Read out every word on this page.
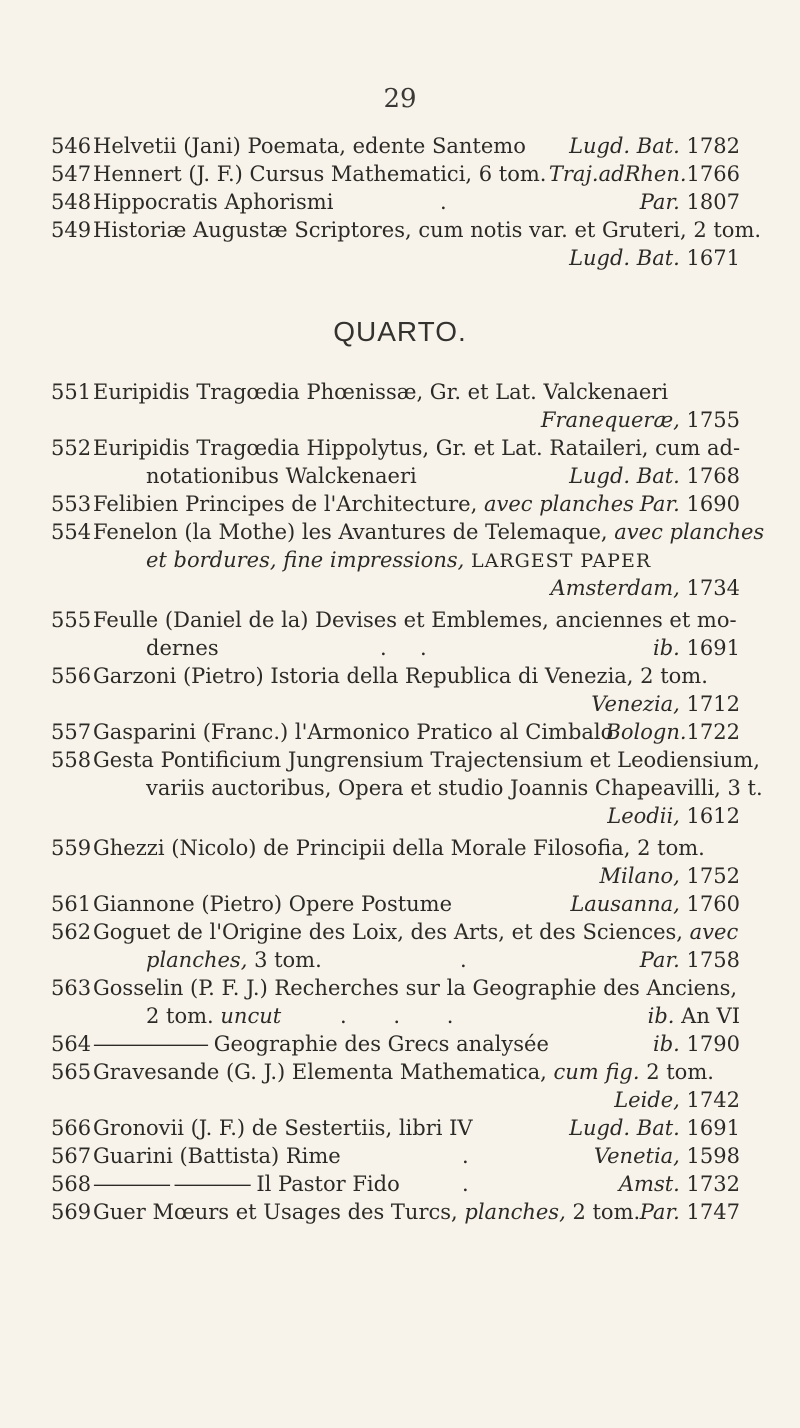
29
546 Helvetii (Jani) Poemata, edente Santemo Lugd. Bat. 1782
547 Hennert (J. F.) Cursus Mathematici, 6 tom. Traj.adRhen.1766
548 Hippocratis Aphorismi	.	Par. 1807
549 Historiæ Augustæ Scriptores, cum notis var. et Gruteri, 2 tom.
Lugd. Bat. 1671
QUARTO.
551 Euripidis Tragœdia Phœnissæ, Gr. et Lat. Valckenaeri
Franequeræ, 1755
552 Euripidis Tragœdia Hippolytus, Gr. et Lat. Rataileri, cum ad-
notationibus Walckenaeri	Lugd. Bat. 1768
553 Felibien Principes de l'Architecture, avec planches Par. 1690
554 Fenelon (la Mothe) les Avantures de Telemaque, avec planches
et bordures, fine impressions, LARGEST PAPER
Amsterdam, 1734
555 Feulle (Daniel de la) Devises et Emblemes, anciennes et mo-
dernes	.     .	ib. 1691
556 Garzoni (Pietro) Istoria della Republica di Venezia, 2 tom.
Venezia, 1712
557 Gasparini (Franc.) l'Armonico Pratico al Cimbalo
Bologn.1722
558 Gesta Pontificium Jungrensium Trajectensium et Leodiensium,
variis auctoribus, Opera et studio Joannis Chapeavilli, 3 t.
Leodii, 1612
559 Ghezzi (Nicolo) de Principii della Morale Filosofia, 2 tom.
Milano, 1752
561 Giannone (Pietro) Opere Postume	Lausanna, 1760
562 Goguet de l'Origine des Loix, des Arts, et des Sciences, avec
planches, 3 tom.	.	Par. 1758
563 Gosselin (P. F. J.) Recherches sur la Geographie des Anciens,
2 tom. uncut	.       .       .	ib. An VI
564 —————— Geographie des Grecs analysée	ib. 1790
565 Gravesande (G. J.) Elementa Mathematica, cum fig. 2 tom.
Leide, 1742
566 Gronovii (J. F.) de Sestertiis, libri IV	Lugd. Bat. 1691
567 Guarini (Battista) Rime	.	Venetia, 1598
568 ———— ———— Il Pastor Fido	.	Amst. 1732
569 Guer Mœurs et Usages des Turcs, planches, 2 tom. Par. 1747
